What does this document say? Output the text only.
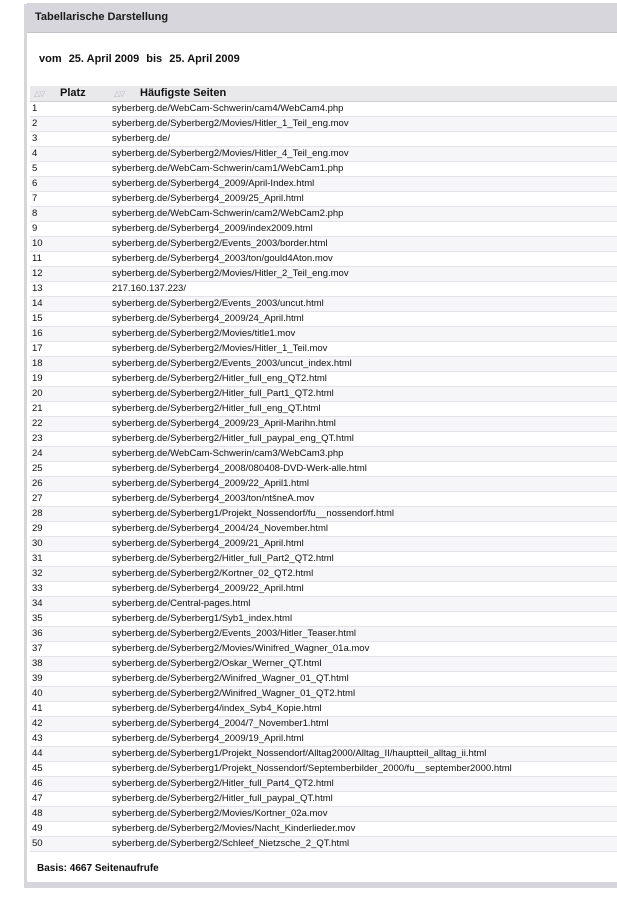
Tabellarische Darstellung
vom 25. April 2009 bis 25. April 2009
△▽ Platz	△▽ Häufigste Seiten
1	syberberg.de/WebCam-Schwerin/cam4/WebCam4.php
2	syberberg.de/Syberberg2/Movies/Hitler_1_Teil_eng.mov
3	syberberg.de/
4	syberberg.de/Syberberg2/Movies/Hitler_4_Teil_eng.mov
5	syberberg.de/WebCam-Schwerin/cam1/WebCam1.php
6	syberberg.de/Syberberg4_2009/April-Index.html
7	syberberg.de/Syberberg4_2009/25_April.html
8	syberberg.de/WebCam-Schwerin/cam2/WebCam2.php
9	syberberg.de/Syberberg4_2009/index2009.html
10	syberberg.de/Syberberg2/Events_2003/border.html
11	syberberg.de/Syberberg4_2003/ton/gould4Aton.mov
12	syberberg.de/Syberberg2/Movies/Hitler_2_Teil_eng.mov
13	217.160.137.223/
14	syberberg.de/Syberberg2/Events_2003/uncut.html
15	syberberg.de/Syberberg4_2009/24_April.html
16	syberberg.de/Syberberg2/Movies/title1.mov
17	syberberg.de/Syberberg2/Movies/Hitler_1_Teil.mov
18	syberberg.de/Syberberg2/Events_2003/uncut_index.html
19	syberberg.de/Syberberg2/Hitler_full_eng_QT2.html
20	syberberg.de/Syberberg2/Hitler_full_Part1_QT2.html
21	syberberg.de/Syberberg2/Hitler_full_eng_QT.html
22	syberberg.de/Syberberg4_2009/23_April-Marihn.html
23	syberberg.de/Syberberg2/Hitler_full_paypal_eng_QT.html
24	syberberg.de/WebCam-Schwerin/cam3/WebCam3.php
25	syberberg.de/Syberberg4_2008/080408-DVD-Werk-alle.html
26	syberberg.de/Syberberg4_2009/22_April1.html
27	syberberg.de/Syberberg4_2003/ton/ntšneA.mov
28	syberberg.de/Syberberg1/Projekt_Nossendorf/fu__nossendorf.html
29	syberberg.de/Syberberg4_2004/24_November.html
30	syberberg.de/Syberberg4_2009/21_April.html
31	syberberg.de/Syberberg2/Hitler_full_Part2_QT2.html
32	syberberg.de/Syberberg2/Kortner_02_QT2.html
33	syberberg.de/Syberberg4_2009/22_April.html
34	syberberg.de/Central-pages.html
35	syberberg.de/Syberberg1/Syb1_index.html
36	syberberg.de/Syberberg2/Events_2003/Hitler_Teaser.html
37	syberberg.de/Syberberg2/Movies/Winifred_Wagner_01a.mov
38	syberberg.de/Syberberg2/Oskar_Werner_QT.html
39	syberberg.de/Syberberg2/Winifred_Wagner_01_QT.html
40	syberberg.de/Syberberg2/Winifred_Wagner_01_QT2.html
41	syberberg.de/Syberberg4/index_Syb4_Kopie.html
42	syberberg.de/Syberberg4_2004/7_November1.html
43	syberberg.de/Syberberg4_2009/19_April.html
44	syberberg.de/Syberberg1/Projekt_Nossendorf/Alltag2000/Alltag_II/hauptteil_alltag_ii.html
45	syberberg.de/Syberberg1/Projekt_Nossendorf/Septemberbilder_2000/fu__september2000.html
46	syberberg.de/Syberberg2/Hitler_full_Part4_QT2.html
47	syberberg.de/Syberberg2/Hitler_full_paypal_QT.html
48	syberberg.de/Syberberg2/Movies/Kortner_02a.mov
49	syberberg.de/Syberberg2/Movies/Nacht_Kinderlieder.mov
50	syberberg.de/Syberberg2/Schleef_Nietzsche_2_QT.html
Basis: 4667 Seitenaufrufe
